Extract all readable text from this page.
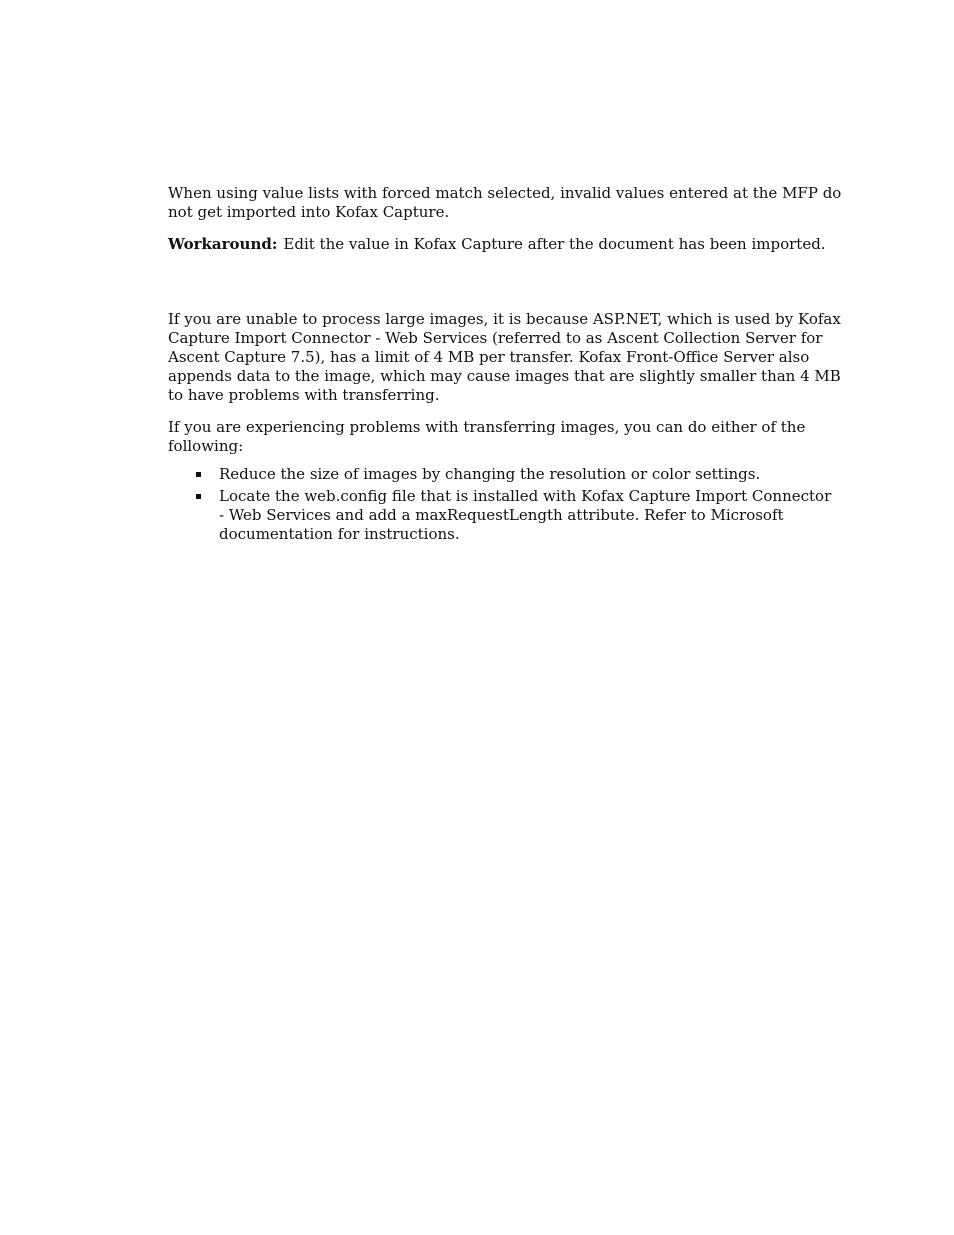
When using value lists with forced match selected, invalid values entered at the MFP do not get imported into Kofax Capture.

Workaround: Edit the value in Kofax Capture after the document has been imported.

If you are unable to process large images, it is because ASP.NET, which is used by Kofax Capture Import Connector - Web Services (referred to as Ascent Collection Server for Ascent Capture 7.5), has a limit of 4 MB per transfer. Kofax Front-Office Server also appends data to the image, which may cause images that are slightly smaller than 4 MB to have problems with transferring.

If you are experiencing problems with transferring images, you can do either of the following:

Reduce the size of images by changing the resolution or color settings.
Locate the web.config file that is installed with Kofax Capture Import Connector - Web Services and add a maxRequestLength attribute. Refer to Microsoft documentation for instructions.
